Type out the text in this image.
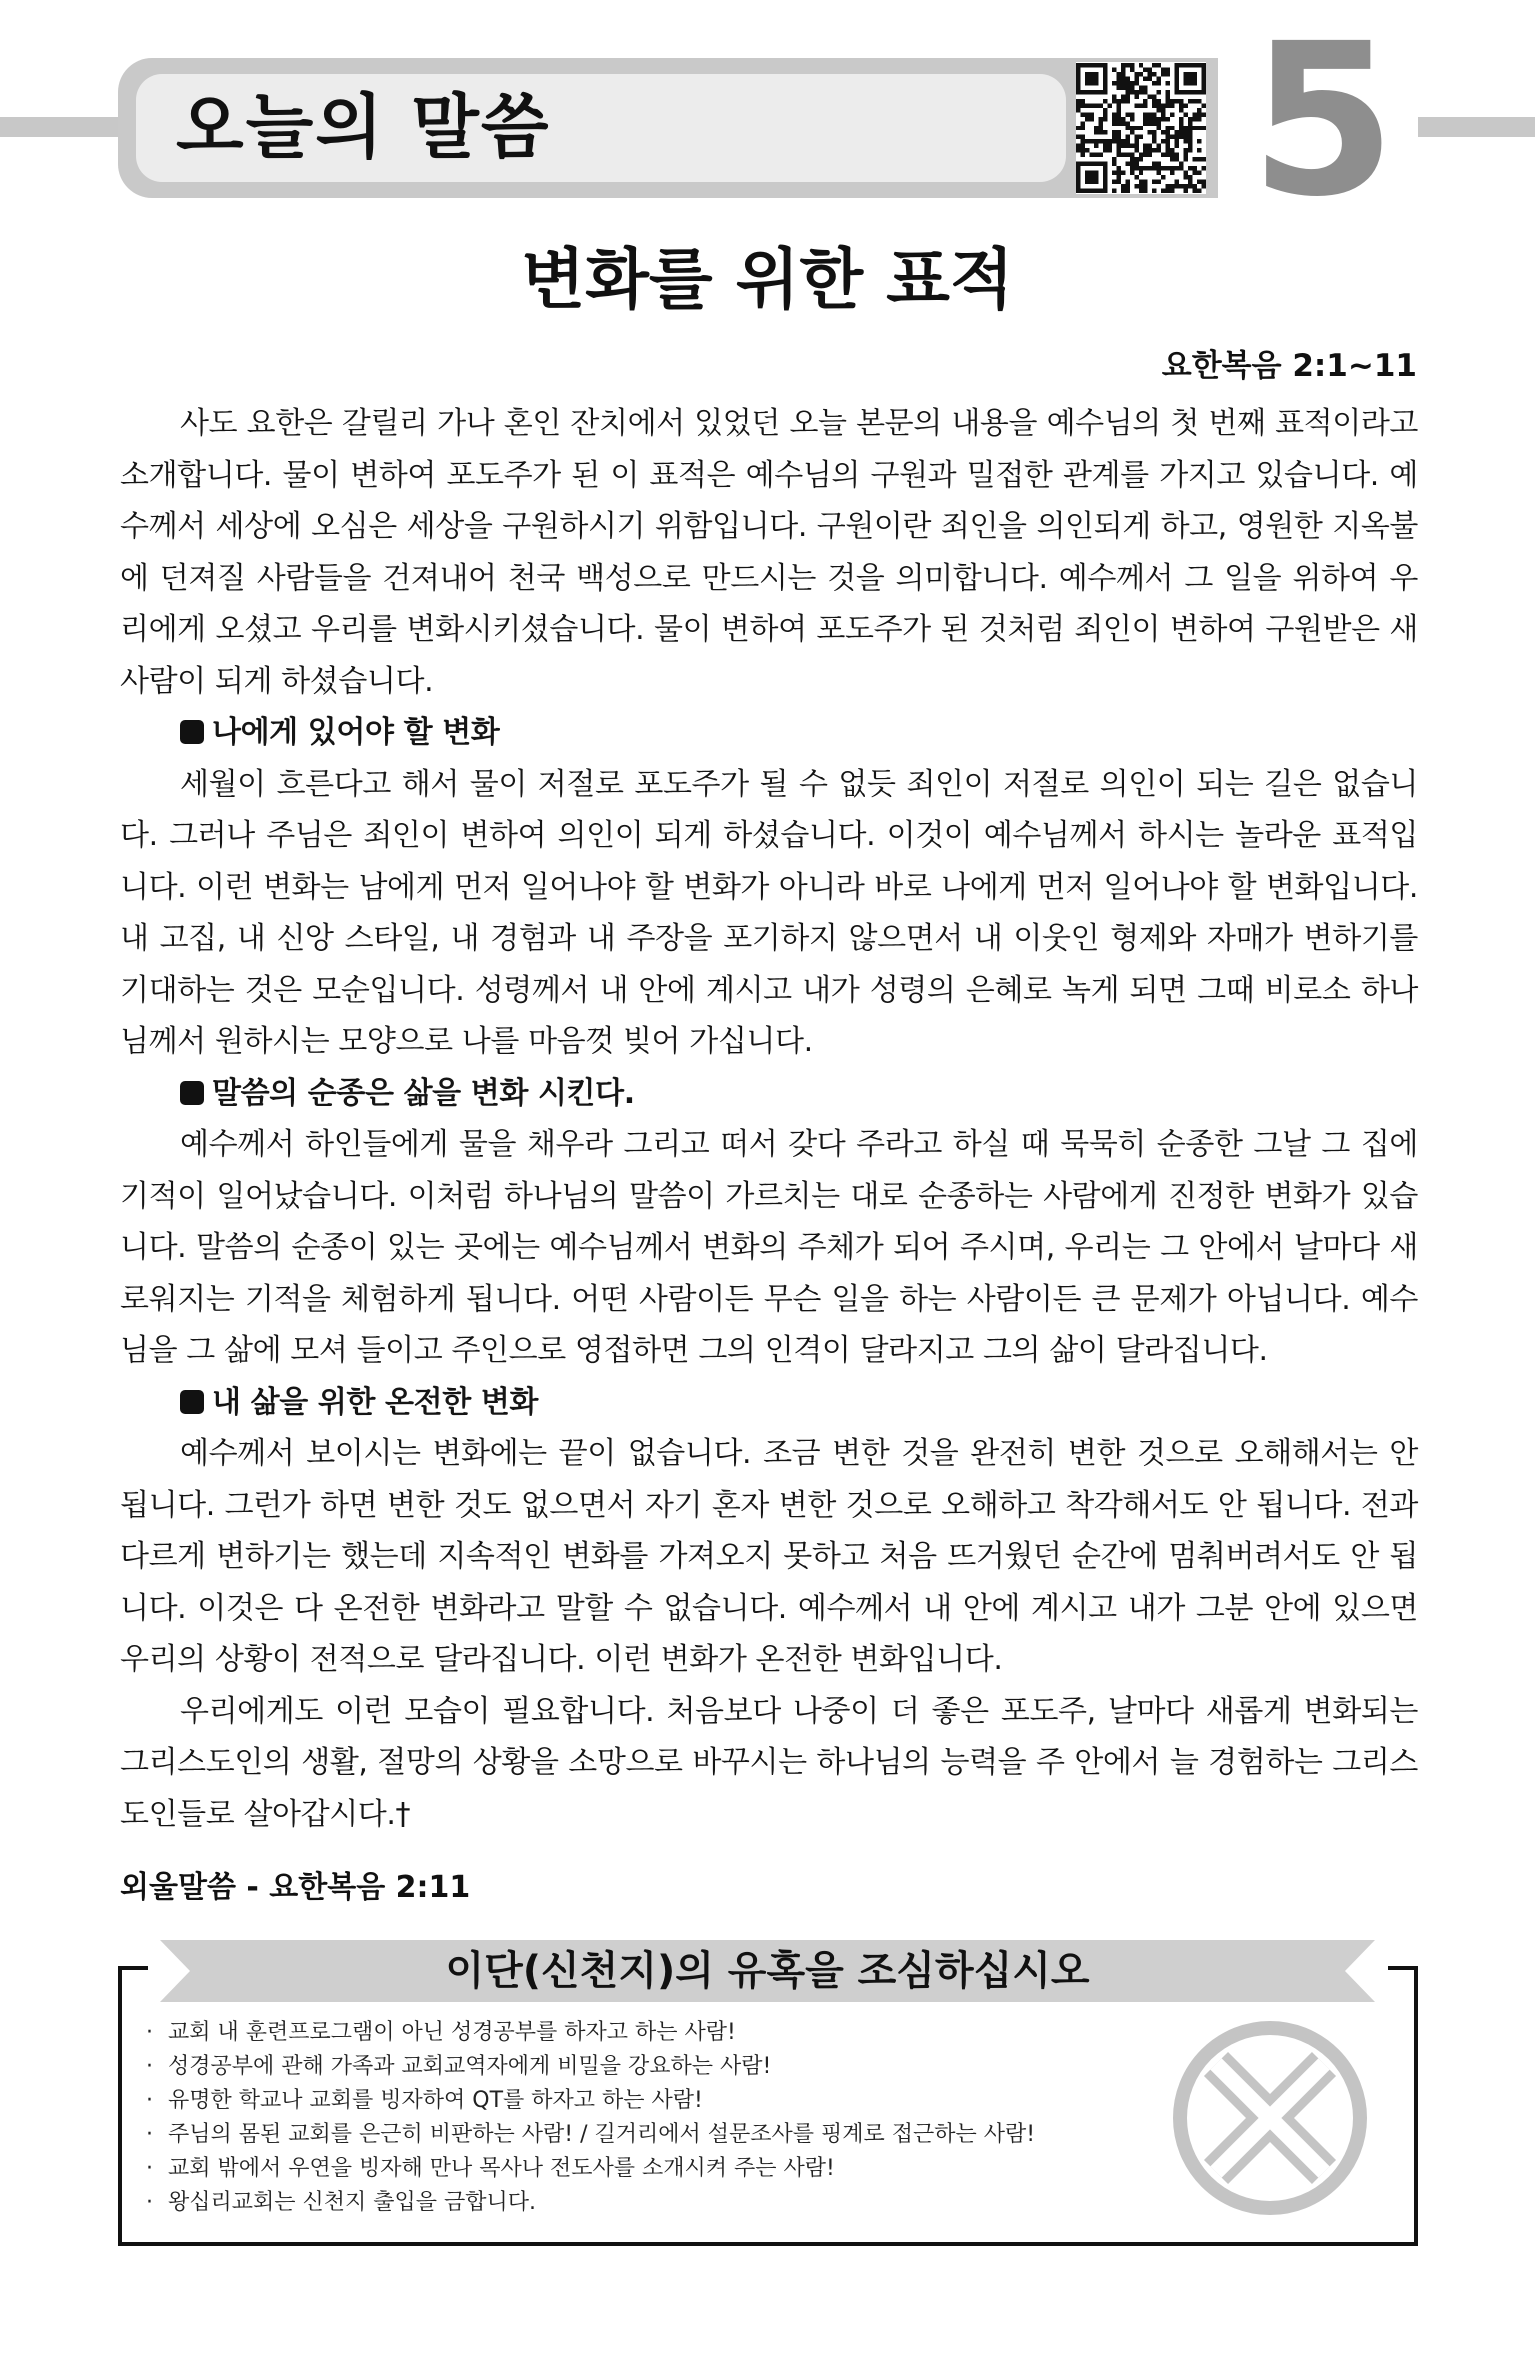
오늘의 말씀	5
변화를 위한 표적
요한복음 2:1~11

사도 요한은 갈릴리 가나 혼인 잔치에서 있었던 오늘 본문의 내용을 예수님의 첫 번째 표적이라고 소개합니다. 물이 변하여 포도주가 된 이 표적은 예수님의 구원과 밀접한 관계를 가지고 있습니다. 예수께서 세상에 오심은 세상을 구원하시기 위함입니다. 구원이란 죄인을 의인되게 하고, 영원한 지옥불에 던져질 사람들을 건져내어 천국 백성으로 만드시는 것을 의미합니다. 예수께서 그 일을 위하여 우리에게 오셨고 우리를 변화시키셨습니다. 물이 변하여 포도주가 된 것처럼 죄인이 변하여 구원받은 새 사람이 되게 하셨습니다.

나에게 있어야 할 변화

세월이 흐른다고 해서 물이 저절로 포도주가 될 수 없듯 죄인이 저절로 의인이 되는 길은 없습니다. 그러나 주님은 죄인이 변하여 의인이 되게 하셨습니다. 이것이 예수님께서 하시는 놀라운 표적입니다. 이런 변화는 남에게 먼저 일어나야 할 변화가 아니라 바로 나에게 먼저 일어나야 할 변화입니다. 내 고집, 내 신앙 스타일, 내 경험과 내 주장을 포기하지 않으면서 내 이웃인 형제와 자매가 변하기를 기대하는 것은 모순입니다. 성령께서 내 안에 계시고 내가 성령의 은혜로 녹게 되면 그때 비로소 하나님께서 원하시는 모양으로 나를 마음껏 빚어 가십니다.

말씀의 순종은 삶을 변화 시킨다.

예수께서 하인들에게 물을 채우라 그리고 떠서 갖다 주라고 하실 때 묵묵히 순종한 그날 그 집에 기적이 일어났습니다. 이처럼 하나님의 말씀이 가르치는 대로 순종하는 사람에게 진정한 변화가 있습니다. 말씀의 순종이 있는 곳에는 예수님께서 변화의 주체가 되어 주시며, 우리는 그 안에서 날마다 새로워지는 기적을 체험하게 됩니다. 어떤 사람이든 무슨 일을 하는 사람이든 큰 문제가 아닙니다. 예수님을 그 삶에 모셔 들이고 주인으로 영접하면 그의 인격이 달라지고 그의 삶이 달라집니다.

내 삶을 위한 온전한 변화

예수께서 보이시는 변화에는 끝이 없습니다. 조금 변한 것을 완전히 변한 것으로 오해해서는 안 됩니다. 그런가 하면 변한 것도 없으면서 자기 혼자 변한 것으로 오해하고 착각해서도 안 됩니다. 전과 다르게 변하기는 했는데 지속적인 변화를 가져오지 못하고 처음 뜨거웠던 순간에 멈춰버려서도 안 됩니다. 이것은 다 온전한 변화라고 말할 수 없습니다. 예수께서 내 안에 계시고 내가 그분 안에 있으면 우리의 상황이 전적으로 달라집니다. 이런 변화가 온전한 변화입니다.

우리에게도 이런 모습이 필요합니다. 처음보다 나중이 더 좋은 포도주, 날마다 새롭게 변화되는 그리스도인의 생활, 절망의 상황을 소망으로 바꾸시는 하나님의 능력을 주 안에서 늘 경험하는 그리스도인들로 살아갑시다.†

외울말씀 - 요한복음 2:11
이단(신천지)의 유혹을 조심하십시오
· 교회 내 훈련프로그램이 아닌 성경공부를 하자고 하는 사람!
· 성경공부에 관해 가족과 교회교역자에게 비밀을 강요하는 사람!
· 유명한 학교나 교회를 빙자하여 QT를 하자고 하는 사람!
· 주님의 몸된 교회를 은근히 비판하는 사람! / 길거리에서 설문조사를 핑계로 접근하는 사람!
· 교회 밖에서 우연을 빙자해 만나 목사나 전도사를 소개시켜 주는 사람!
· 왕십리교회는 신천지 출입을 금합니다.
